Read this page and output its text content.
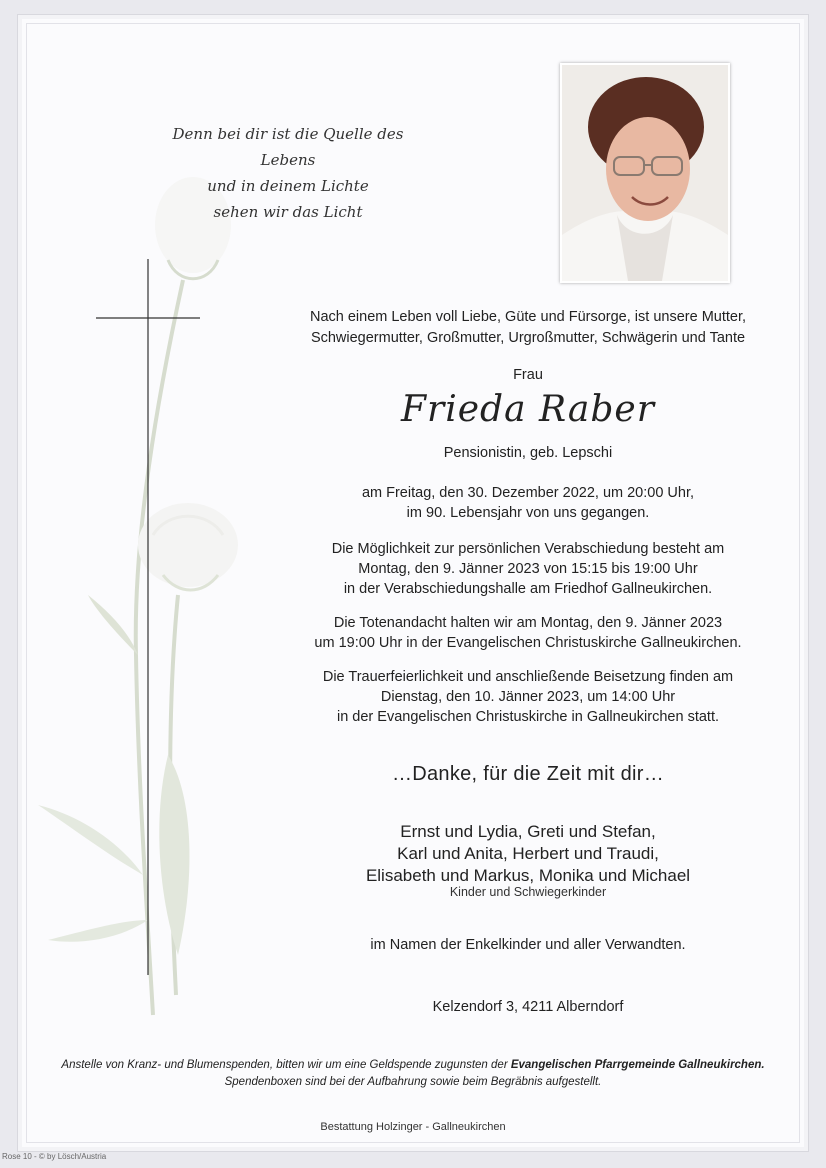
Denn bei dir ist die Quelle des Lebens
und in deinem Lichte
sehen wir das Licht
Nach einem Leben voll Liebe, Güte und Fürsorge, ist unsere Mutter,
Schwiegermutter, Großmutter, Urgroßmutter, Schwägerin und Tante
Frau
Frieda Raber
Pensionistin, geb. Lepschi
am Freitag, den 30. Dezember 2022, um 20:00 Uhr,
im 90. Lebensjahr von uns gegangen.
Die Möglichkeit zur persönlichen Verabschiedung besteht am
Montag, den 9. Jänner 2023 von 15:15 bis 19:00 Uhr
in der Verabschiedungshalle am Friedhof Gallneukirchen.
Die Totenandacht halten wir am Montag, den 9. Jänner 2023
um 19:00 Uhr in der Evangelischen Christuskirche Gallneukirchen.
Die Trauerfeierlichkeit und anschließende Beisetzung finden am
Dienstag, den 10. Jänner 2023, um 14:00 Uhr
in der Evangelischen Christuskirche in Gallneukirchen statt.
…Danke, für die Zeit mit dir…
Ernst und Lydia, Greti und Stefan,
Karl und Anita, Herbert und Traudi,
Elisabeth und Markus, Monika und Michael
Kinder und Schwiegerkinder
im Namen der Enkelkinder und aller Verwandten.
Kelzendorf 3, 4211 Alberndorf
Anstelle von Kranz- und Blumenspenden, bitten wir um eine Geldspende zugunsten der Evangelischen Pfarrgemeinde Gallneukirchen.
Spendenboxen sind bei der Aufbahrung sowie beim Begräbnis aufgestellt.
Bestattung Holzinger - Gallneukirchen
Rose 10 - © by Lösch/Austria
